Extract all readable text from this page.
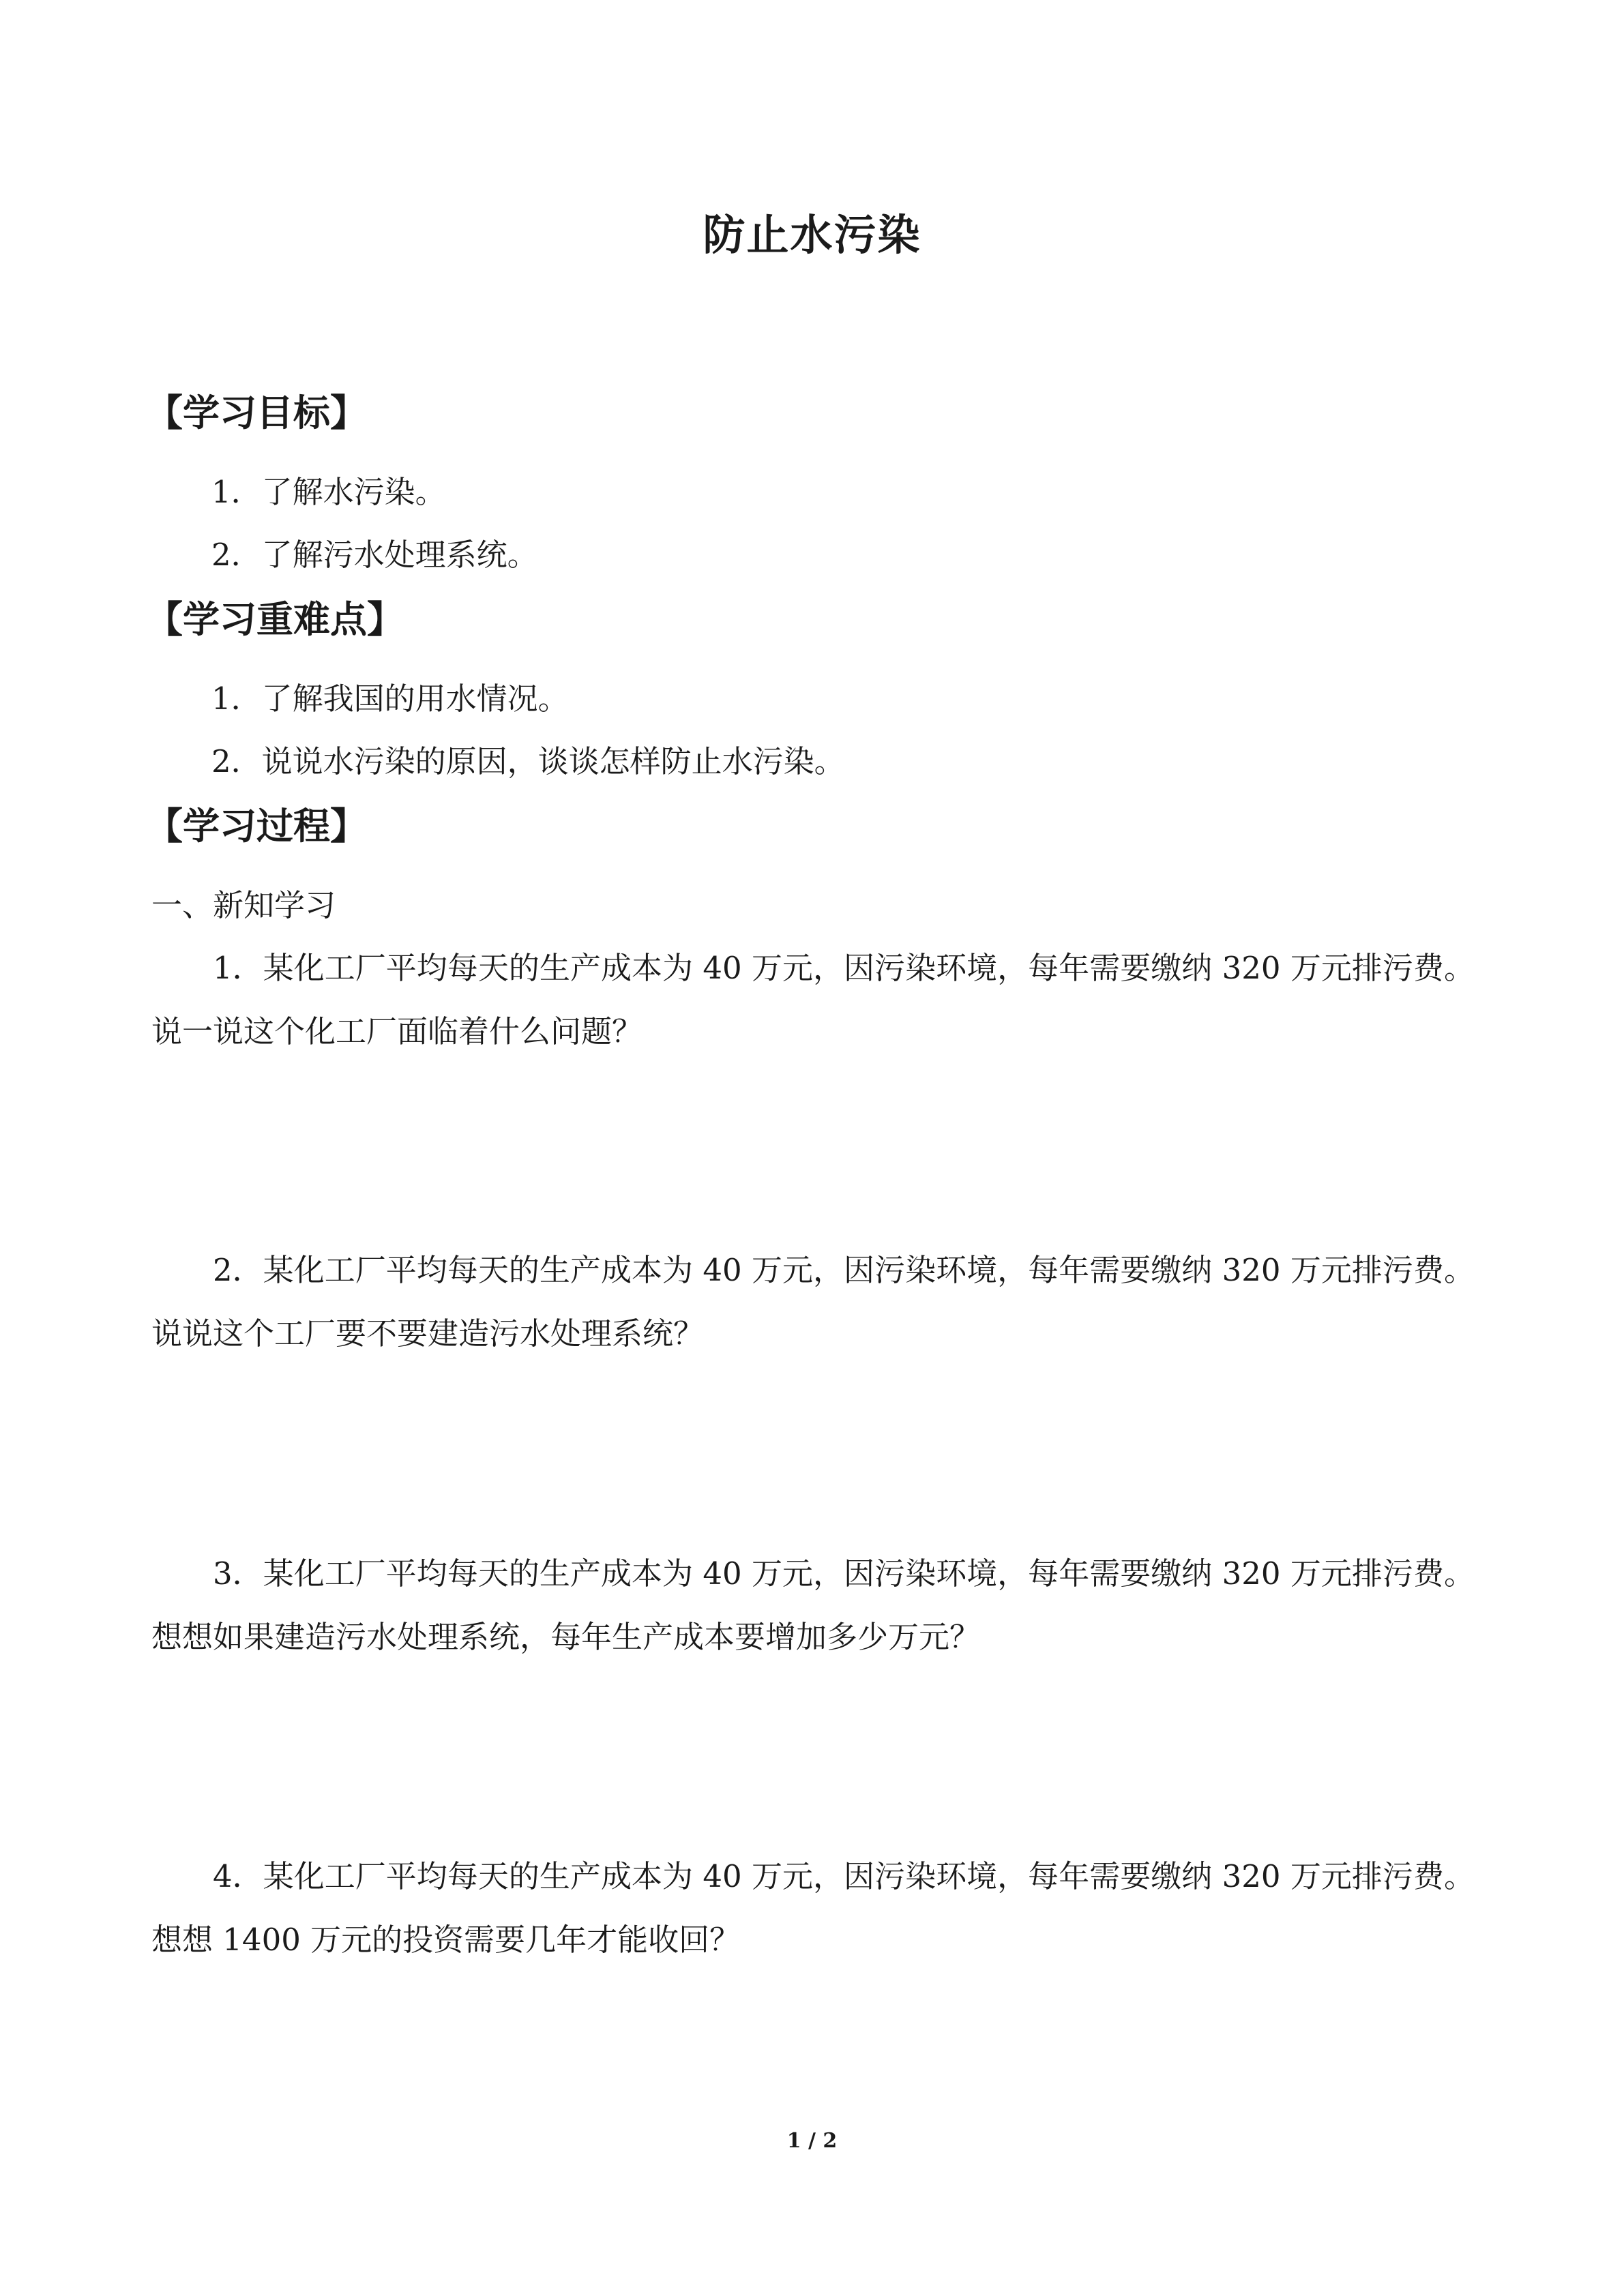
防止水污染
【学习目标】
1．了解水污染。
2．了解污水处理系统。
【学习重难点】
1．了解我国的用水情况。
2．说说水污染的原因，谈谈怎样防止水污染。
【学习过程】
一、新知学习
1．某化工厂平均每天的生产成本为 40 万元，因污染环境，每年需要缴纳 320 万元排污费。说一说这个化工厂面临着什么问题？
2．某化工厂平均每天的生产成本为 40 万元，因污染环境，每年需要缴纳 320 万元排污费。说说这个工厂要不要建造污水处理系统？
3．某化工厂平均每天的生产成本为 40 万元，因污染环境，每年需要缴纳 320 万元排污费。想想如果建造污水处理系统，每年生产成本要增加多少万元？
4．某化工厂平均每天的生产成本为 40 万元，因污染环境，每年需要缴纳 320 万元排污费。想想 1400 万元的投资需要几年才能收回？
1 / 2
